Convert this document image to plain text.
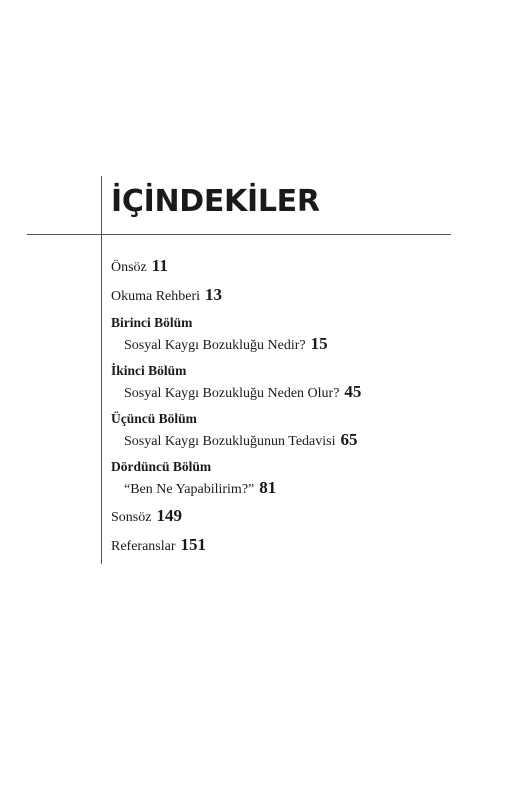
İÇİNDEKİLER
Önsöz 11
Okuma Rehberi 13
Birinci Bölüm
Sosyal Kaygı Bozukluğu Nedir? 15
İkinci Bölüm
Sosyal Kaygı Bozukluğu Neden Olur? 45
Üçüncü Bölüm
Sosyal Kaygı Bozukluğunun Tedavisi 65
Dördüncü Bölüm
“Ben Ne Yapabilirim?” 81
Sonsöz 149
Referanslar 151
